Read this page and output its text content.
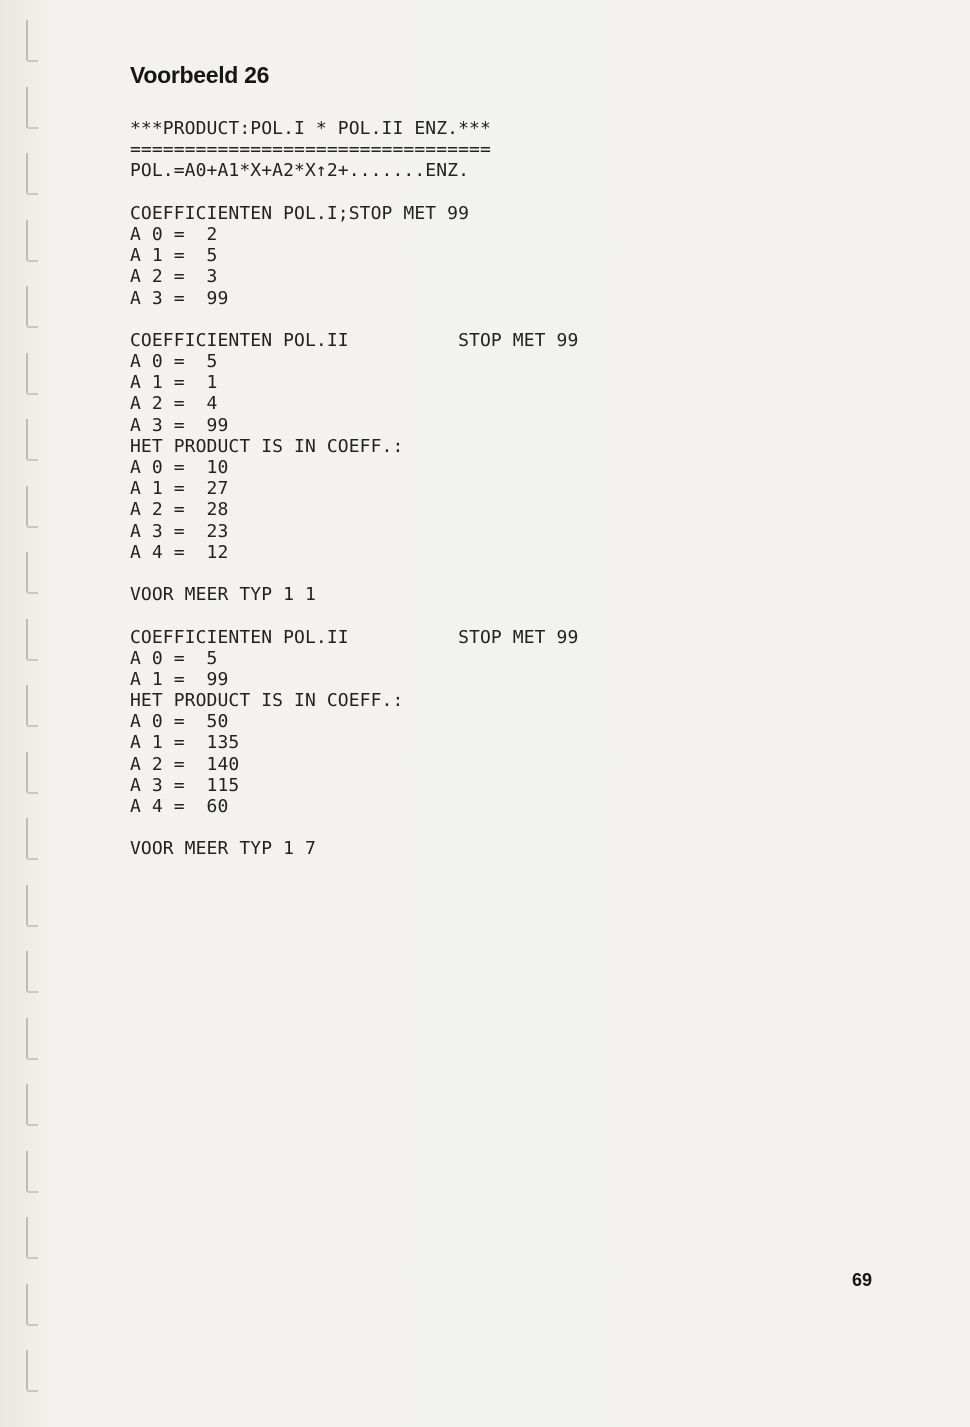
Voorbeeld 26
***PRODUCT:POL.I * POL.II ENZ.***
=================================
POL.=A0+A1*X+A2*X↑2+.......ENZ.
COEFFICIENTEN POL.I;STOP MET 99
A 0 =  2
A 1 =  5
A 2 =  3
A 3 =  99
COEFFICIENTEN POL.II          STOP MET 99
A 0 =  5
A 1 =  1
A 2 =  4
A 3 =  99
HET PRODUCT IS IN COEFF.:
A 0 =  10
A 1 =  27
A 2 =  28
A 3 =  23
A 4 =  12
VOOR MEER TYP 1 1
COEFFICIENTEN POL.II          STOP MET 99
A 0 =  5
A 1 =  99
HET PRODUCT IS IN COEFF.:
A 0 =  50
A 1 =  135
A 2 =  140
A 3 =  115
A 4 =  60
VOOR MEER TYP 1 7
69
